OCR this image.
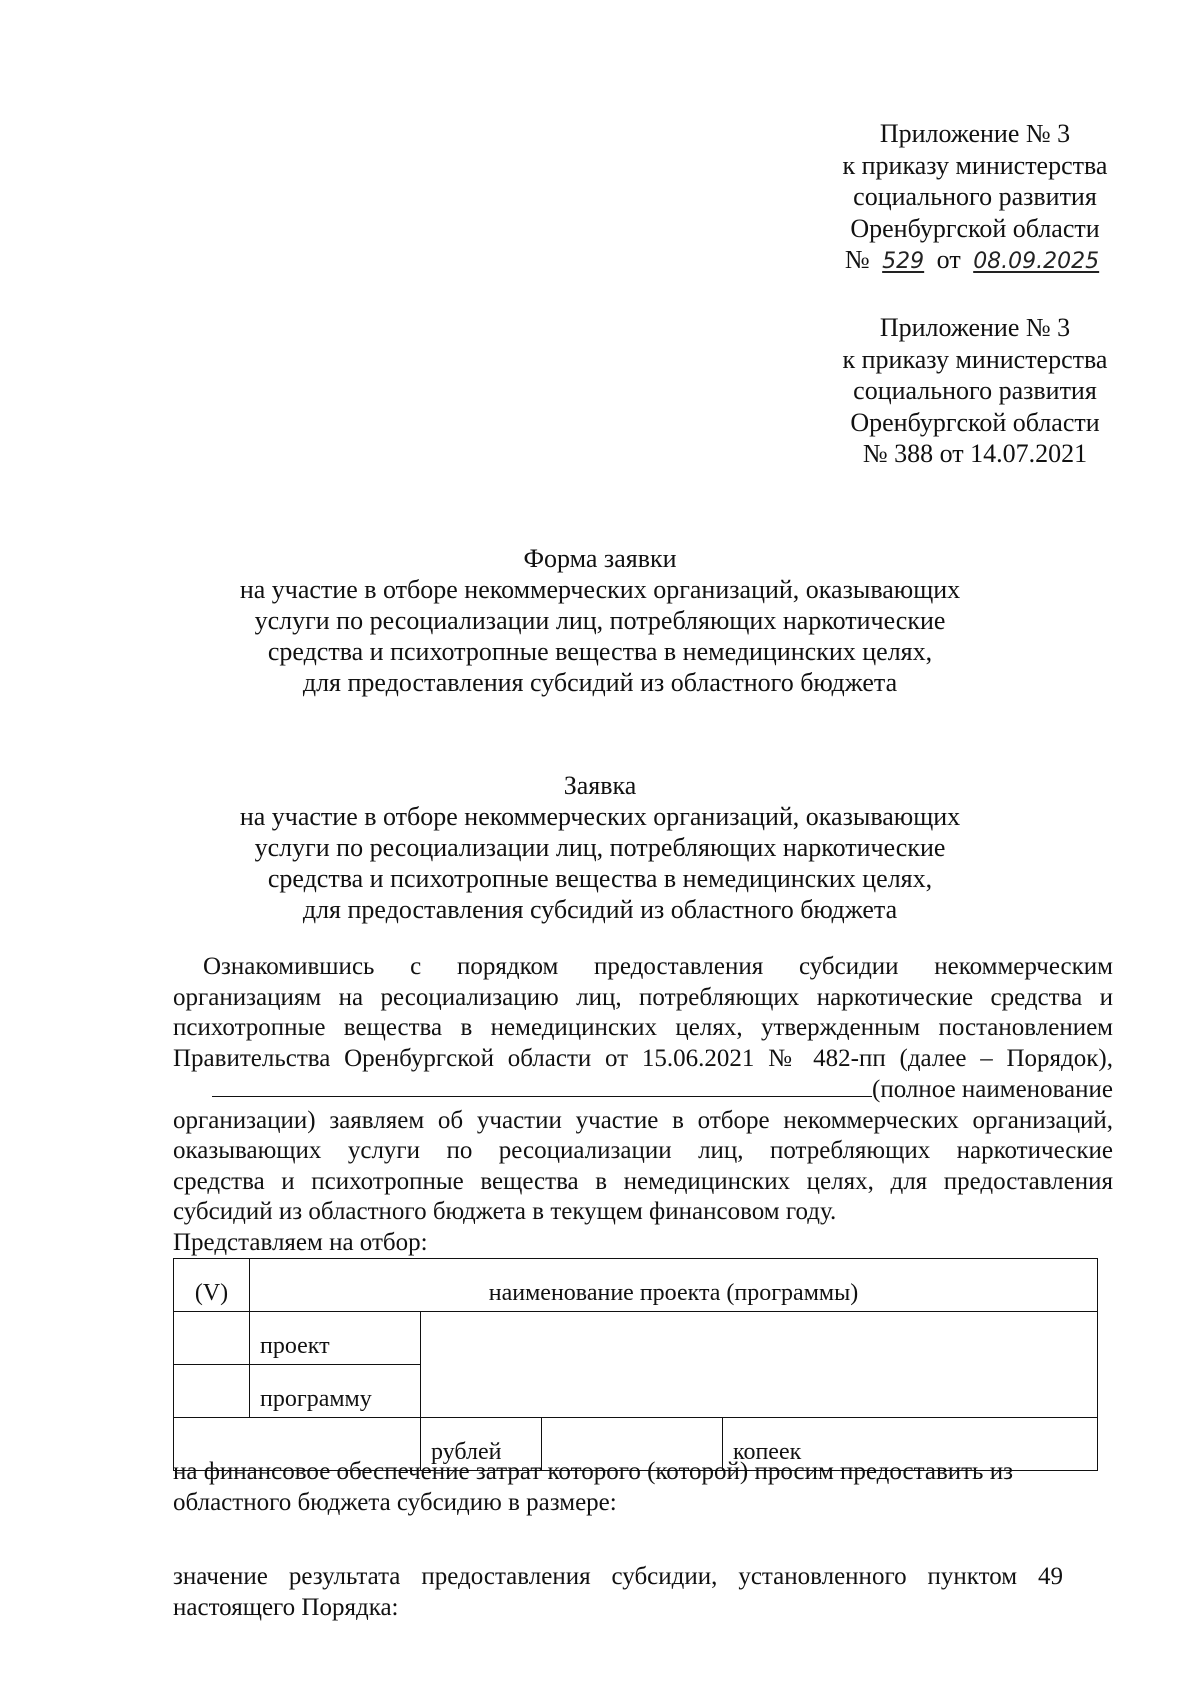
Приложение № 3
к приказу министерства
социального развития
Оренбургской области
№ 529 от 08.09.2025
Приложение № 3
к приказу министерства
социального развития
Оренбургской области
№ 388 от 14.07.2021
Форма заявки
на участие в отборе некоммерческих организаций, оказывающих
услуги по ресоциализации лиц, потребляющих наркотические
средства и психотропные вещества в немедицинских целях,
для предоставления субсидий из областного бюджета
Заявка
на участие в отборе некоммерческих организаций, оказывающих
услуги по ресоциализации лиц, потребляющих наркотические
средства и психотропные вещества в немедицинских целях,
для предоставления субсидий из областного бюджета
Ознакомившись с порядком предоставления субсидии некоммерческим
организациям на ресоциализацию лиц, потребляющих наркотические средства и
психотропные вещества в немедицинских целях, утвержденным постановлением
Правительства Оренбургской области от 15.06.2021 № 482-пп (далее – Порядок),
(полное наименование
организации) заявляем об участии участие в отборе некоммерческих организаций,
оказывающих услуги по ресоциализации лиц, потребляющих наркотические
средства и психотропные вещества в немедицинских целях, для предоставления
субсидий из областного бюджета в текущем финансовом году.
Представляем на отбор:
(V)	наименование проекта (программы)			
	проект			
	программу			
		рублей		копеек
на финансовое обеспечение затрат которого (которой) просим предоставить из
областного бюджета субсидию в размере:
значение результата предоставления субсидии, установленного пунктом 49
настоящего Порядка:
